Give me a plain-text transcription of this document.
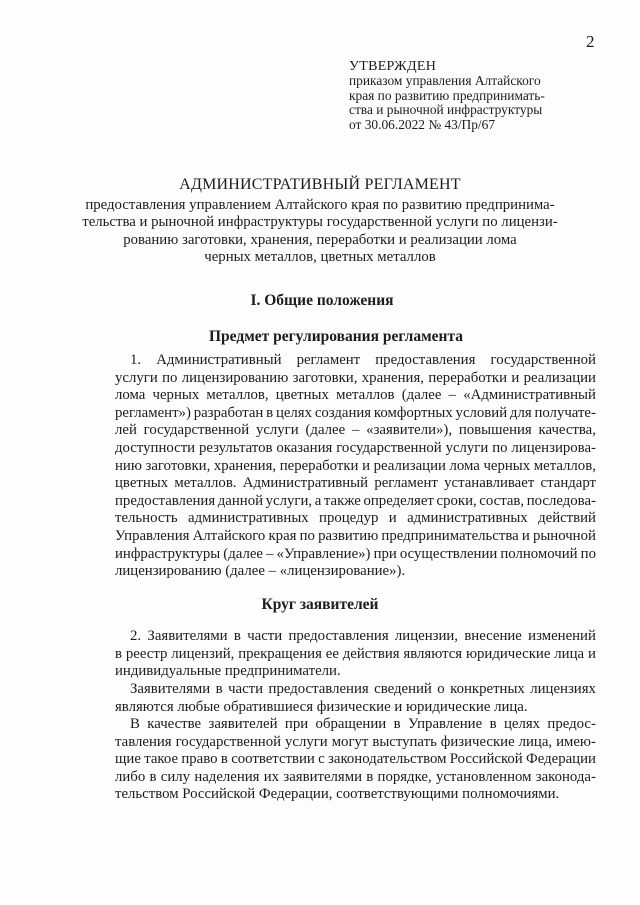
2
УТВЕРЖДЕН
приказом управления Алтайского
края по развитию предпринимать-
ства и рыночной инфраструктуры
от 30.06.2022 № 43/Пр/67
АДМИНИСТРАТИВНЫЙ РЕГЛАМЕНТ
предоставления управлением Алтайского края по развитию предпринима-
тельства и рыночной инфраструктуры государственной услуги по лицензи-
рованию заготовки, хранения, переработки и реализации лома
черных металлов, цветных металлов
I. Общие положения
Предмет регулирования регламента
1. Административный регламент предоставления государственной
услуги по лицензированию заготовки, хранения, переработки и реализации
лома черных металлов, цветных металлов (далее – «Административный
регламент») разработан в целях создания комфортных условий для получате-
лей государственной услуги (далее – «заявители»), повышения качества,
доступности результатов оказания государственной услуги по лицензирова-
нию заготовки, хранения, переработки и реализации лома черных металлов,
цветных металлов. Административный регламент устанавливает стандарт
предоставления данной услуги, а также определяет сроки, состав, последова-
тельность административных процедур и административных действий
Управления Алтайского края по развитию предпринимательства и рыночной
инфраструктуры (далее – «Управление») при осуществлении полномочий по
лицензированию (далее – «лицензирование»).
Круг заявителей
2. Заявителями в части предоставления лицензии, внесение изменений
в реестр лицензий, прекращения ее действия являются юридические лица и
индивидуальные предприниматели.
Заявителями в части предоставления сведений о конкретных лицензиях
являются любые обратившиеся физические и юридические лица.
В качестве заявителей при обращении в Управление в целях предос-
тавления государственной услуги могут выступать физические лица, имею-
щие такое право в соответствии с законодательством Российской Федерации
либо в силу наделения их заявителями в порядке, установленном законода-
тельством Российской Федерации, соответствующими полномочиями.
